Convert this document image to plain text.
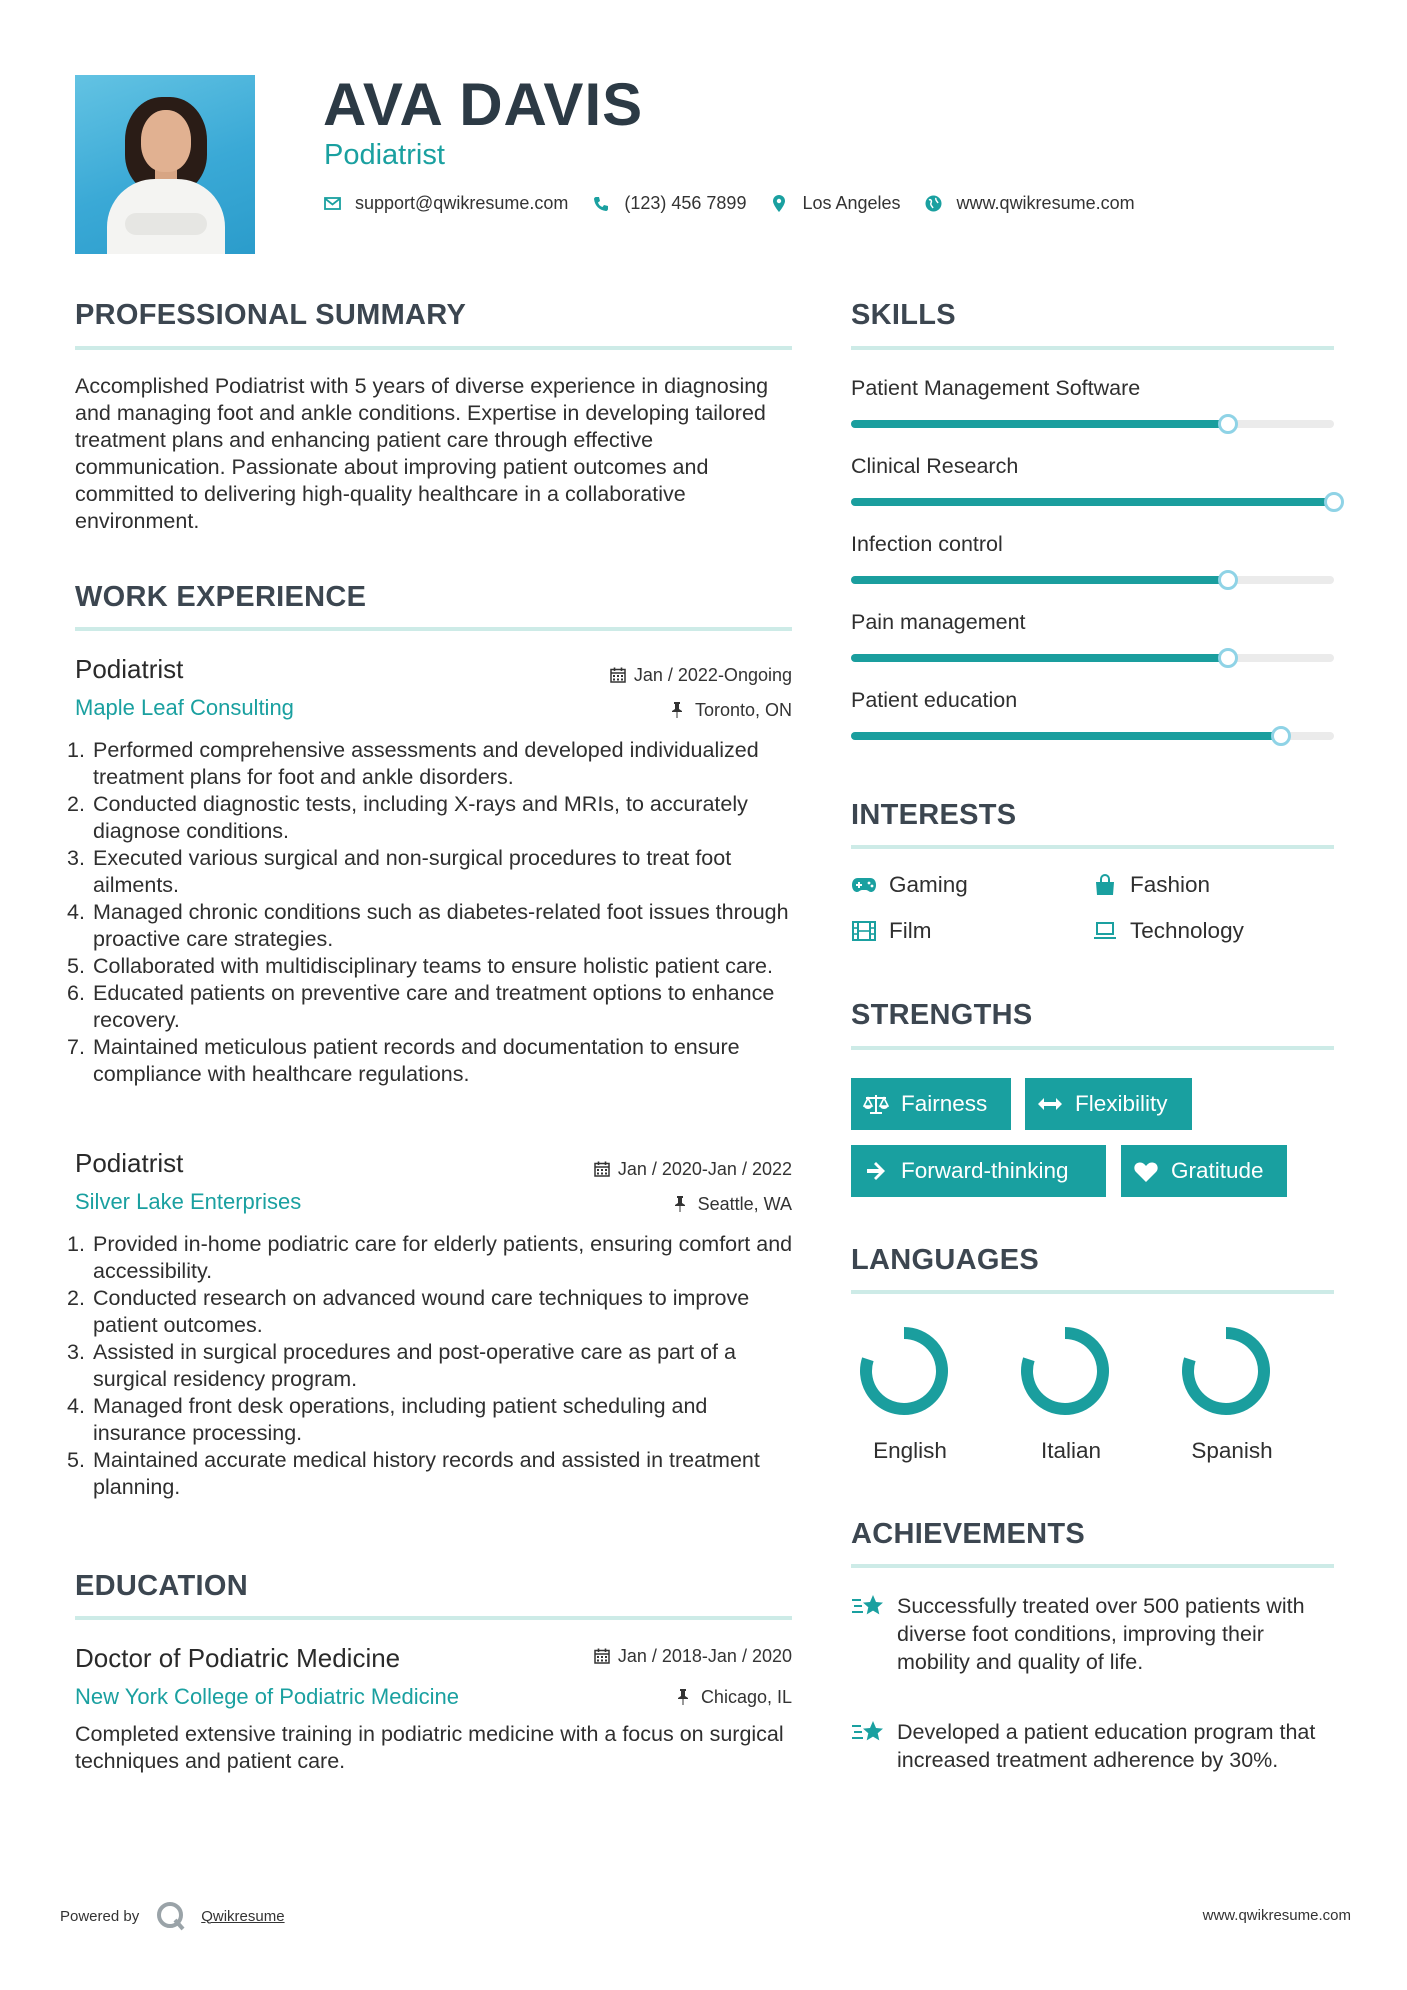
AVA DAVIS
Podiatrist
support@qwikresume.com	(123) 456 7899	Los Angeles	www.qwikresume.com
PROFESSIONAL SUMMARY
Accomplished Podiatrist with 5 years of diverse experience in diagnosing and managing foot and ankle conditions. Expertise in developing tailored treatment plans and enhancing patient care through effective communication. Passionate about improving patient outcomes and committed to delivering high-quality healthcare in a collaborative environment.
WORK EXPERIENCE
Podiatrist	Jan / 2022-Ongoing
Maple Leaf Consulting	Toronto, ON
Performed comprehensive assessments and developed individualized treatment plans for foot and ankle disorders.
Conducted diagnostic tests, including X-rays and MRIs, to accurately diagnose conditions.
Executed various surgical and non-surgical procedures to treat foot ailments.
Managed chronic conditions such as diabetes-related foot issues through proactive care strategies.
Collaborated with multidisciplinary teams to ensure holistic patient care.
Educated patients on preventive care and treatment options to enhance recovery.
Maintained meticulous patient records and documentation to ensure compliance with healthcare regulations.
Podiatrist	Jan / 2020-Jan / 2022
Silver Lake Enterprises	Seattle, WA
Provided in-home podiatric care for elderly patients, ensuring comfort and accessibility.
Conducted research on advanced wound care techniques to improve patient outcomes.
Assisted in surgical procedures and post-operative care as part of a surgical residency program.
Managed front desk operations, including patient scheduling and insurance processing.
Maintained accurate medical history records and assisted in treatment planning.
EDUCATION
Doctor of Podiatric Medicine	Jan / 2018-Jan / 2020
New York College of Podiatric Medicine	Chicago, IL
Completed extensive training in podiatric medicine with a focus on surgical techniques and patient care.
SKILLS
Patient Management Software
Clinical Research
Infection control
Pain management
Patient education
INTERESTS
Gaming	Fashion
Film	Technology
STRENGTHS
Fairness	Flexibility
Forward-thinking	Gratitude
LANGUAGES
English	Italian	Spanish
ACHIEVEMENTS
Successfully treated over 500 patients with diverse foot conditions, improving their mobility and quality of life.
Developed a patient education program that increased treatment adherence by 30%.
Powered by	Qwikresume	www.qwikresume.com
